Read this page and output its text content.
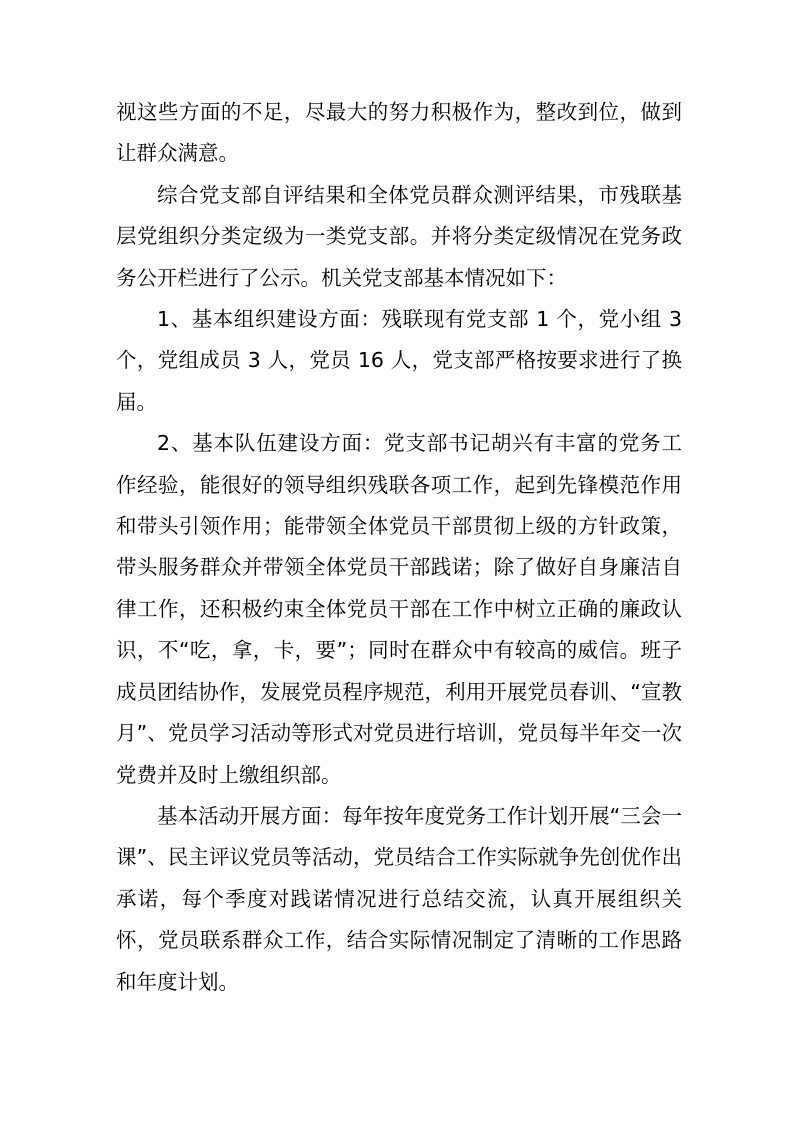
视这些方面的不足，尽最大的努力积极作为，整改到位，做到让群众满意。

综合党支部自评结果和全体党员群众测评结果，市残联基层党组织分类定级为一类党支部。并将分类定级情况在党务政务公开栏进行了公示。机关党支部基本情况如下：

1、基本组织建设方面：残联现有党支部 1 个，党小组 3 个，党组成员 3 人，党员 16 人，党支部严格按要求进行了换届。

2、基本队伍建设方面：党支部书记胡兴有丰富的党务工作经验，能很好的领导组织残联各项工作，起到先锋模范作用和带头引领作用；能带领全体党员干部贯彻上级的方针政策，带头服务群众并带领全体党员干部践诺；除了做好自身廉洁自律工作，还积极约束全体党员干部在工作中树立正确的廉政认识，不“吃，拿，卡，要”；同时在群众中有较高的威信。班子成员团结协作，发展党员程序规范，利用开展党员春训、“宣教月”、党员学习活动等形式对党员进行培训，党员每半年交一次党费并及时上缴组织部。

基本活动开展方面：每年按年度党务工作计划开展“三会一课”、民主评议党员等活动，党员结合工作实际就争先创优作出承诺，每个季度对践诺情况进行总结交流，认真开展组织关怀，党员联系群众工作，结合实际情况制定了清晰的工作思路和年度计划。
